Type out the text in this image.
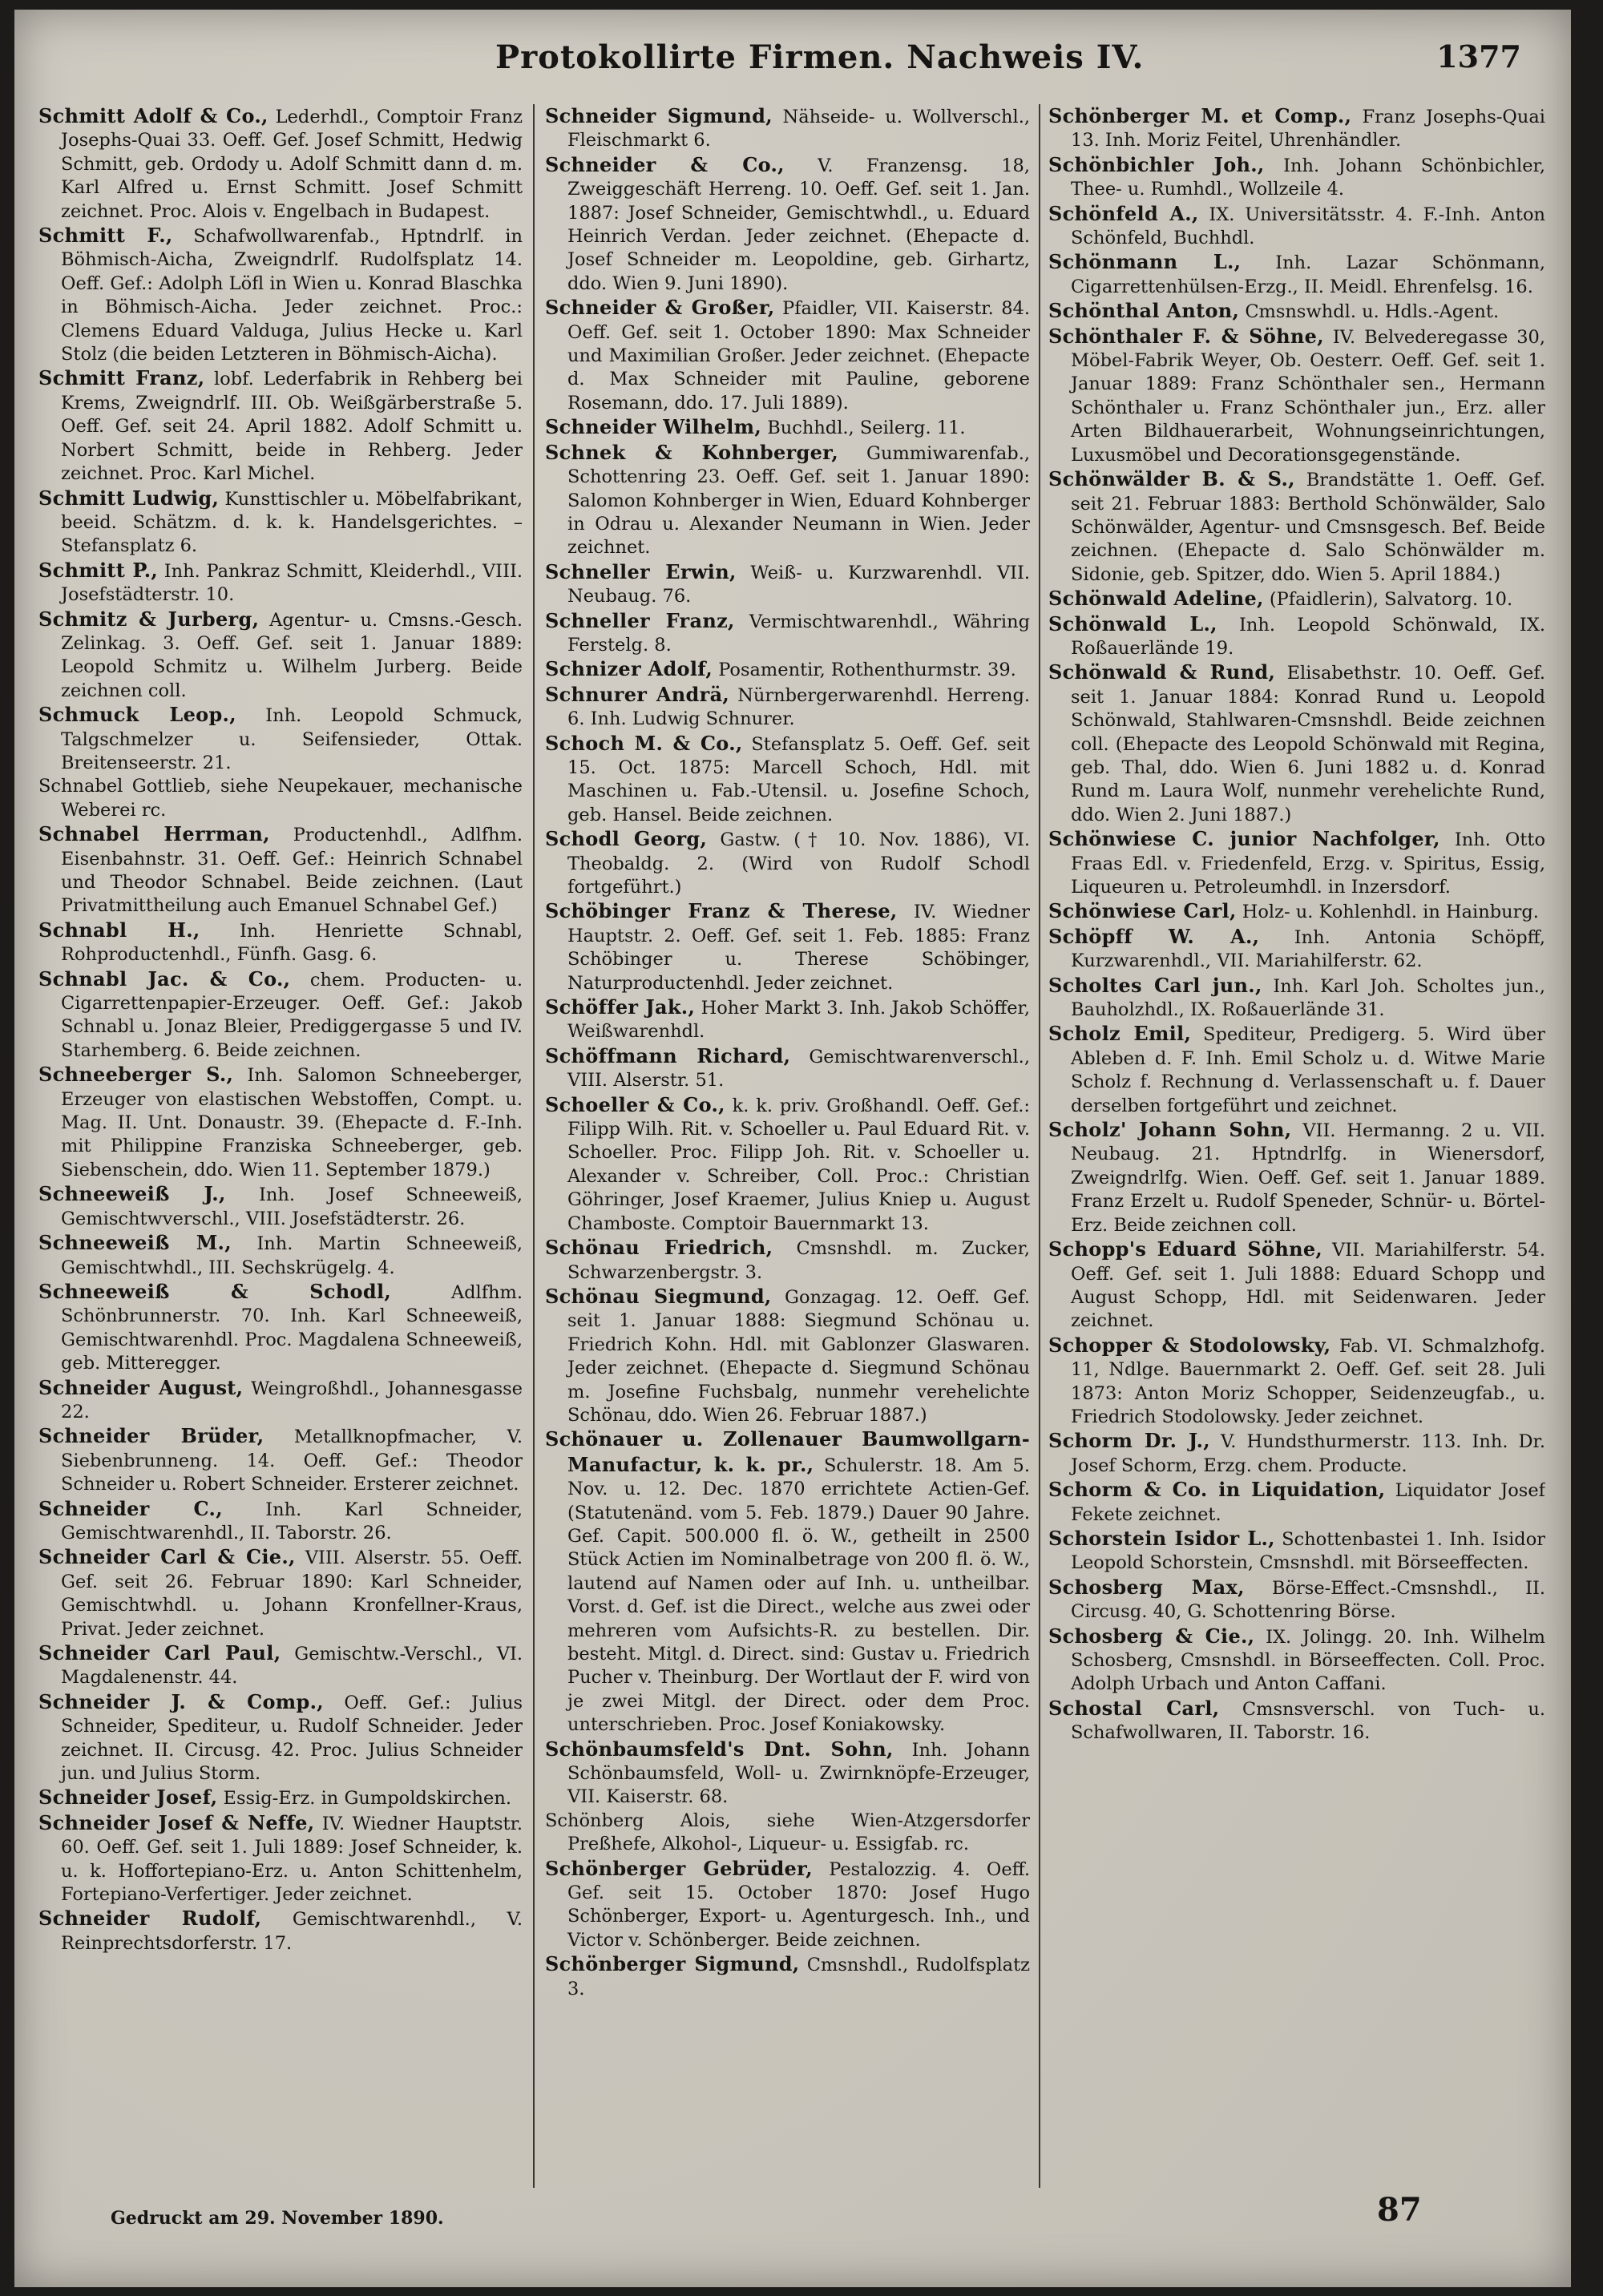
Protokollirte Firmen. Nachweis IV.	1377

Schmitt Adolf & Co., Lederhdl., Comptoir Franz Josephs-Quai 33. Oeff. Gef. Josef Schmitt, Hedwig Schmitt, geb. Ordody u. Adolf Schmitt dann d. m. Karl Alfred u. Ernst Schmitt. Josef Schmitt zeichnet. Proc. Alois v. Engelbach in Budapest.

Schmitt F., Schafwollwarenfab., Hptndrlf. in Böhmisch-Aicha, Zweigndrlf. Rudolfsplatz 14. Oeff. Gef.: Adolph Löfl in Wien u. Konrad Blaschka in Böhmisch-Aicha. Jeder zeichnet. Proc.: Clemens Eduard Valduga, Julius Hecke u. Karl Stolz (die beiden Letzteren in Böhmisch-Aicha).

Schmitt Franz, lobf. Lederfabrik in Rehberg bei Krems, Zweigndrlf. III. Ob. Weißgärberstraße 5. Oeff. Gef. seit 24. April 1882. Adolf Schmitt u. Norbert Schmitt, beide in Rehberg. Jeder zeichnet. Proc. Karl Michel.

Schmitt Ludwig, Kunsttischler u. Möbelfabrikant, beeid. Schätzm. d. k. k. Handelsgerichtes. – Stefansplatz 6.

Schmitt P., Inh. Pankraz Schmitt, Kleiderhdl., VIII. Josefstädterstr. 10.

Schmitz & Jurberg, Agentur- u. Cmsns.-Gesch. Zelinkag. 3. Oeff. Gef. seit 1. Januar 1889: Leopold Schmitz u. Wilhelm Jurberg. Beide zeichnen coll.

Schmuck Leop., Inh. Leopold Schmuck, Talgschmelzer u. Seifensieder, Ottak. Breitenseerstr. 21.

Schnabel Gottlieb, siehe Neupekauer, mechanische Weberei rc.

Schnabel Herrman, Productenhdl., Adlfhm. Eisenbahnstr. 31. Oeff. Gef.: Heinrich Schnabel und Theodor Schnabel. Beide zeichnen. (Laut Privatmittheilung auch Emanuel Schnabel Gef.)

Schnabl H., Inh. Henriette Schnabl, Rohproductenhdl., Fünfh. Gasg. 6.

Schnabl Jac. & Co., chem. Producten- u. Cigarrettenpapier-Erzeuger. Oeff. Gef.: Jakob Schnabl u. Jonaz Bleier, Prediggergasse 5 und IV. Starhemberg. 6. Beide zeichnen.

Schneeberger S., Inh. Salomon Schneeberger, Erzeuger von elastischen Webstoffen, Compt. u. Mag. II. Unt. Donaustr. 39. (Ehepacte d. F.-Inh. mit Philippine Franziska Schneeberger, geb. Siebenschein, ddo. Wien 11. September 1879.)

Schneeweiß J., Inh. Josef Schneeweiß, Gemischtwverschl., VIII. Josefstädterstr. 26.

Schneeweiß M., Inh. Martin Schneeweiß, Gemischtwhdl., III. Sechskrügelg. 4.

Schneeweiß & Schodl, Adlfhm. Schönbrunnerstr. 70. Inh. Karl Schneeweiß, Gemischtwarenhdl. Proc. Magdalena Schneeweiß, geb. Mitteregger.

Schneider August, Weingroßhdl., Johannesgasse 22.

Schneider Brüder, Metallknopfmacher, V. Siebenbrunneng. 14. Oeff. Gef.: Theodor Schneider u. Robert Schneider. Ersterer zeichnet.

Schneider C., Inh. Karl Schneider, Gemischtwarenhdl., II. Taborstr. 26.

Schneider Carl & Cie., VIII. Alserstr. 55. Oeff. Gef. seit 26. Februar 1890: Karl Schneider, Gemischtwhdl. u. Johann Kronfellner-Kraus, Privat. Jeder zeichnet.

Schneider Carl Paul, Gemischtw.-Verschl., VI. Magdalenenstr. 44.

Schneider J. & Comp., Oeff. Gef.: Julius Schneider, Spediteur, u. Rudolf Schneider. Jeder zeichnet. II. Circusg. 42. Proc. Julius Schneider jun. und Julius Storm.

Schneider Josef, Essig-Erz. in Gumpoldskirchen.

Schneider Josef & Neffe, IV. Wiedner Hauptstr. 60. Oeff. Gef. seit 1. Juli 1889: Josef Schneider, k. u. k. Hoffortepiano-Erz. u. Anton Schittenhelm, Fortepiano-Verfertiger. Jeder zeichnet.

Schneider Rudolf, Gemischtwarenhdl., V. Reinprechtsdorferstr. 17.

Schneider Sigmund, Nähseide- u. Wollverschl., Fleischmarkt 6.

Schneider & Co., V. Franzensg. 18, Zweiggeschäft Herreng. 10. Oeff. Gef. seit 1. Jan. 1887: Josef Schneider, Gemischtwhdl., u. Eduard Heinrich Verdan. Jeder zeichnet. (Ehepacte d. Josef Schneider m. Leopoldine, geb. Girhartz, ddo. Wien 9. Juni 1890).

Schneider & Großer, Pfaidler, VII. Kaiserstr. 84. Oeff. Gef. seit 1. October 1890: Max Schneider und Maximilian Großer. Jeder zeichnet. (Ehepacte d. Max Schneider mit Pauline, geborene Rosemann, ddo. 17. Juli 1889).

Schneider Wilhelm, Buchhdl., Seilerg. 11.

Schnek & Kohnberger, Gummiwarenfab., Schottenring 23. Oeff. Gef. seit 1. Januar 1890: Salomon Kohnberger in Wien, Eduard Kohnberger in Odrau u. Alexander Neumann in Wien. Jeder zeichnet.

Schneller Erwin, Weiß- u. Kurzwarenhdl. VII. Neubaug. 76.

Schneller Franz, Vermischtwarenhdl., Währing Ferstelg. 8.

Schnizer Adolf, Posamentir, Rothenthurmstr. 39.

Schnurer Andrä, Nürnbergerwarenhdl. Herreng. 6. Inh. Ludwig Schnurer.

Schoch M. & Co., Stefansplatz 5. Oeff. Gef. seit 15. Oct. 1875: Marcell Schoch, Hdl. mit Maschinen u. Fab.-Utensil. u. Josefine Schoch, geb. Hansel. Beide zeichnen.

Schodl Georg, Gastw. († 10. Nov. 1886), VI. Theobaldg. 2. (Wird von Rudolf Schodl fortgeführt.)

Schöbinger Franz & Therese, IV. Wiedner Hauptstr. 2. Oeff. Gef. seit 1. Feb. 1885: Franz Schöbinger u. Therese Schöbinger, Naturproductenhdl. Jeder zeichnet.

Schöffer Jak., Hoher Markt 3. Inh. Jakob Schöffer, Weißwarenhdl.

Schöffmann Richard, Gemischtwarenverschl., VIII. Alserstr. 51.

Schoeller & Co., k. k. priv. Großhandl. Oeff. Gef.: Filipp Wilh. Rit. v. Schoeller u. Paul Eduard Rit. v. Schoeller. Proc. Filipp Joh. Rit. v. Schoeller u. Alexander v. Schreiber, Coll. Proc.: Christian Göhringer, Josef Kraemer, Julius Kniep u. August Chamboste. Comptoir Bauernmarkt 13.

Schönau Friedrich, Cmsnshdl. m. Zucker, Schwarzenbergstr. 3.

Schönau Siegmund, Gonzagag. 12. Oeff. Gef. seit 1. Januar 1888: Siegmund Schönau u. Friedrich Kohn. Hdl. mit Gablonzer Glaswaren. Jeder zeichnet. (Ehepacte d. Siegmund Schönau m. Josefine Fuchsbalg, nunmehr verehelichte Schönau, ddo. Wien 26. Februar 1887.)

Schönauer u. Zollenauer Baumwollgarn-Manufactur, k. k. pr., Schulerstr. 18. Am 5. Nov. u. 12. Dec. 1870 errichtete Actien-Gef. (Statutenänd. vom 5. Feb. 1879.) Dauer 90 Jahre. Gef. Capit. 500.000 fl. ö. W., getheilt in 2500 Stück Actien im Nominalbetrage von 200 fl. ö. W., lautend auf Namen oder auf Inh. u. untheilbar. Vorst. d. Gef. ist die Direct., welche aus zwei oder mehreren vom Aufsichts-R. zu bestellen. Dir. besteht. Mitgl. d. Direct. sind: Gustav u. Friedrich Pucher v. Theinburg. Der Wortlaut der F. wird von je zwei Mitgl. der Direct. oder dem Proc. unterschrieben. Proc. Josef Koniakowsky.

Schönbaumsfeld's Dnt. Sohn, Inh. Johann Schönbaumsfeld, Woll- u. Zwirnknöpfe-Erzeuger, VII. Kaiserstr. 68.

Schönberg Alois, siehe Wien-Atzgersdorfer Preßhefe, Alkohol-, Liqueur- u. Essigfab. rc.

Schönberger Gebrüder, Pestalozzig. 4. Oeff. Gef. seit 15. October 1870: Josef Hugo Schönberger, Export- u. Agenturgesch. Inh., und Victor v. Schönberger. Beide zeichnen.

Schönberger Sigmund, Cmsnshdl., Rudolfsplatz 3.

Schönberger M. et Comp., Franz Josephs-Quai 13. Inh. Moriz Feitel, Uhrenhändler.

Schönbichler Joh., Inh. Johann Schönbichler, Thee- u. Rumhdl., Wollzeile 4.

Schönfeld A., IX. Universitätsstr. 4. F.-Inh. Anton Schönfeld, Buchhdl.

Schönmann L., Inh. Lazar Schönmann, Cigarrettenhülsen-Erzg., II. Meidl. Ehrenfelsg. 16.

Schönthal Anton, Cmsnswhdl. u. Hdls.-Agent.

Schönthaler F. & Söhne, IV. Belvederegasse 30, Möbel-Fabrik Weyer, Ob. Oesterr. Oeff. Gef. seit 1. Januar 1889: Franz Schönthaler sen., Hermann Schönthaler u. Franz Schönthaler jun., Erz. aller Arten Bildhauerarbeit, Wohnungseinrichtungen, Luxusmöbel und Decorationsgegenstände.

Schönwälder B. & S., Brandstätte 1. Oeff. Gef. seit 21. Februar 1883: Berthold Schönwälder, Salo Schönwälder, Agentur- und Cmsnsgesch. Bef. Beide zeichnen. (Ehepacte d. Salo Schönwälder m. Sidonie, geb. Spitzer, ddo. Wien 5. April 1884.)

Schönwald Adeline, (Pfaidlerin), Salvatorg. 10.

Schönwald L., Inh. Leopold Schönwald, IX. Roßauerlände 19.

Schönwald & Rund, Elisabethstr. 10. Oeff. Gef. seit 1. Januar 1884: Konrad Rund u. Leopold Schönwald, Stahlwaren-Cmsnshdl. Beide zeichnen coll. (Ehepacte des Leopold Schönwald mit Regina, geb. Thal, ddo. Wien 6. Juni 1882 u. d. Konrad Rund m. Laura Wolf, nunmehr verehelichte Rund, ddo. Wien 2. Juni 1887.)

Schönwiese C. junior Nachfolger, Inh. Otto Fraas Edl. v. Friedenfeld, Erzg. v. Spiritus, Essig, Liqueuren u. Petroleumhdl. in Inzersdorf.

Schönwiese Carl, Holz- u. Kohlenhdl. in Hainburg.

Schöpff W. A., Inh. Antonia Schöpff, Kurzwarenhdl., VII. Mariahilferstr. 62.

Scholtes Carl jun., Inh. Karl Joh. Scholtes jun., Bauholzhdl., IX. Roßauerlände 31.

Scholz Emil, Spediteur, Predigerg. 5. Wird über Ableben d. F. Inh. Emil Scholz u. d. Witwe Marie Scholz f. Rechnung d. Verlassenschaft u. f. Dauer derselben fortgeführt und zeichnet.

Scholz' Johann Sohn, VII. Hermanng. 2 u. VII. Neubaug. 21. Hptndrlfg. in Wienersdorf, Zweigndrlfg. Wien. Oeff. Gef. seit 1. Januar 1889. Franz Erzelt u. Rudolf Speneder, Schnür- u. Börtel-Erz. Beide zeichnen coll.

Schopp's Eduard Söhne, VII. Mariahilferstr. 54. Oeff. Gef. seit 1. Juli 1888: Eduard Schopp und August Schopp, Hdl. mit Seidenwaren. Jeder zeichnet.

Schopper & Stodolowsky, Fab. VI. Schmalzhofg. 11, Ndlge. Bauernmarkt 2. Oeff. Gef. seit 28. Juli 1873: Anton Moriz Schopper, Seidenzeugfab., u. Friedrich Stodolowsky. Jeder zeichnet.

Schorm Dr. J., V. Hundsthurmerstr. 113. Inh. Dr. Josef Schorm, Erzg. chem. Producte.

Schorm & Co. in Liquidation, Liquidator Josef Fekete zeichnet.

Schorstein Isidor L., Schottenbastei 1. Inh. Isidor Leopold Schorstein, Cmsnshdl. mit Börseeffecten.

Schosberg Max, Börse-Effect.-Cmsnshdl., II. Circusg. 40, G. Schottenring Börse.

Schosberg & Cie., IX. Jolingg. 20. Inh. Wilhelm Schosberg, Cmsnshdl. in Börseeffecten. Coll. Proc. Adolph Urbach und Anton Caffani.

Schostal Carl, Cmsnsverschl. von Tuch- u. Schafwollwaren, II. Taborstr. 16.

Gedruckt am 29. November 1890.	87
